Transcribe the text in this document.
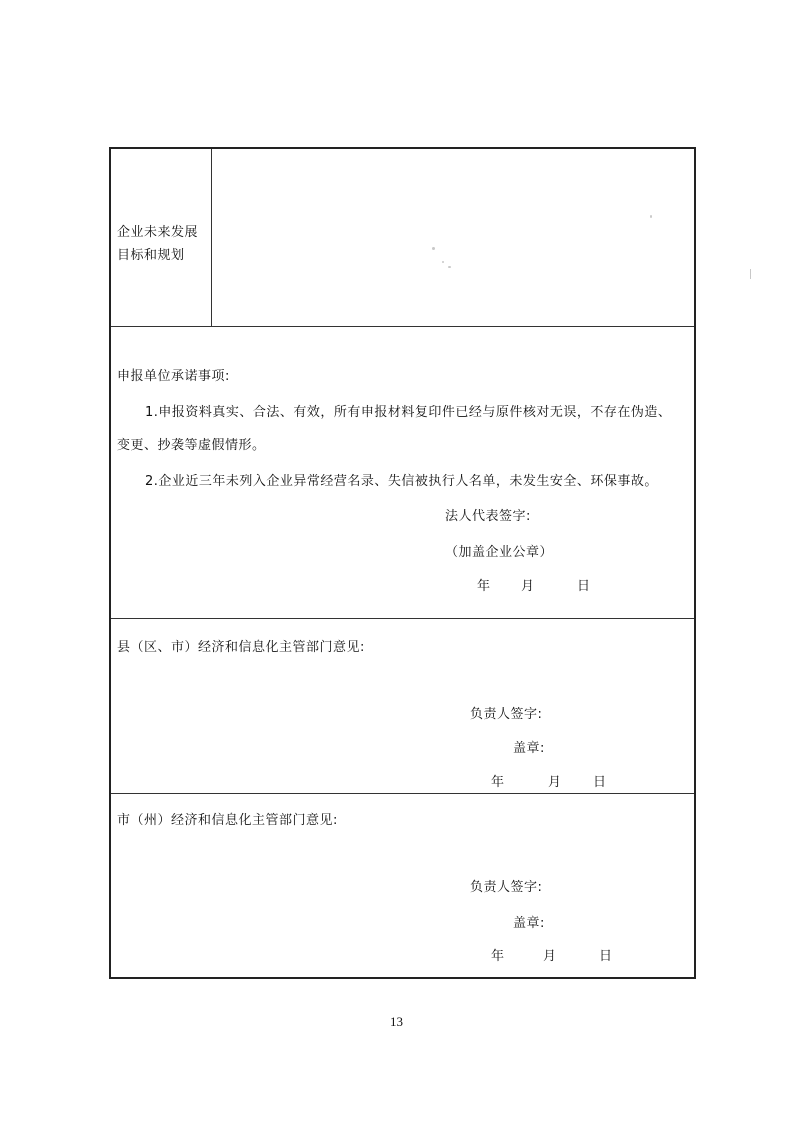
企业未来发展
目标和规划
申报单位承诺事项:
1.申报资料真实、合法、有效，所有申报材料复印件已经与原件核对无误，不存在伪造、
变更、抄袭等虚假情形。
2.企业近三年未列入企业异常经营名录、失信被执行人名单，未发生安全、环保事故。
法人代表签字:
（加盖企业公章）
年 月	日
县（区、市）经济和信息化主管部门意见:
负责人签字:
盖章:
年	月 日
市（州）经济和信息化主管部门意见:
负责人签字:
盖章:
年	月	日
13
